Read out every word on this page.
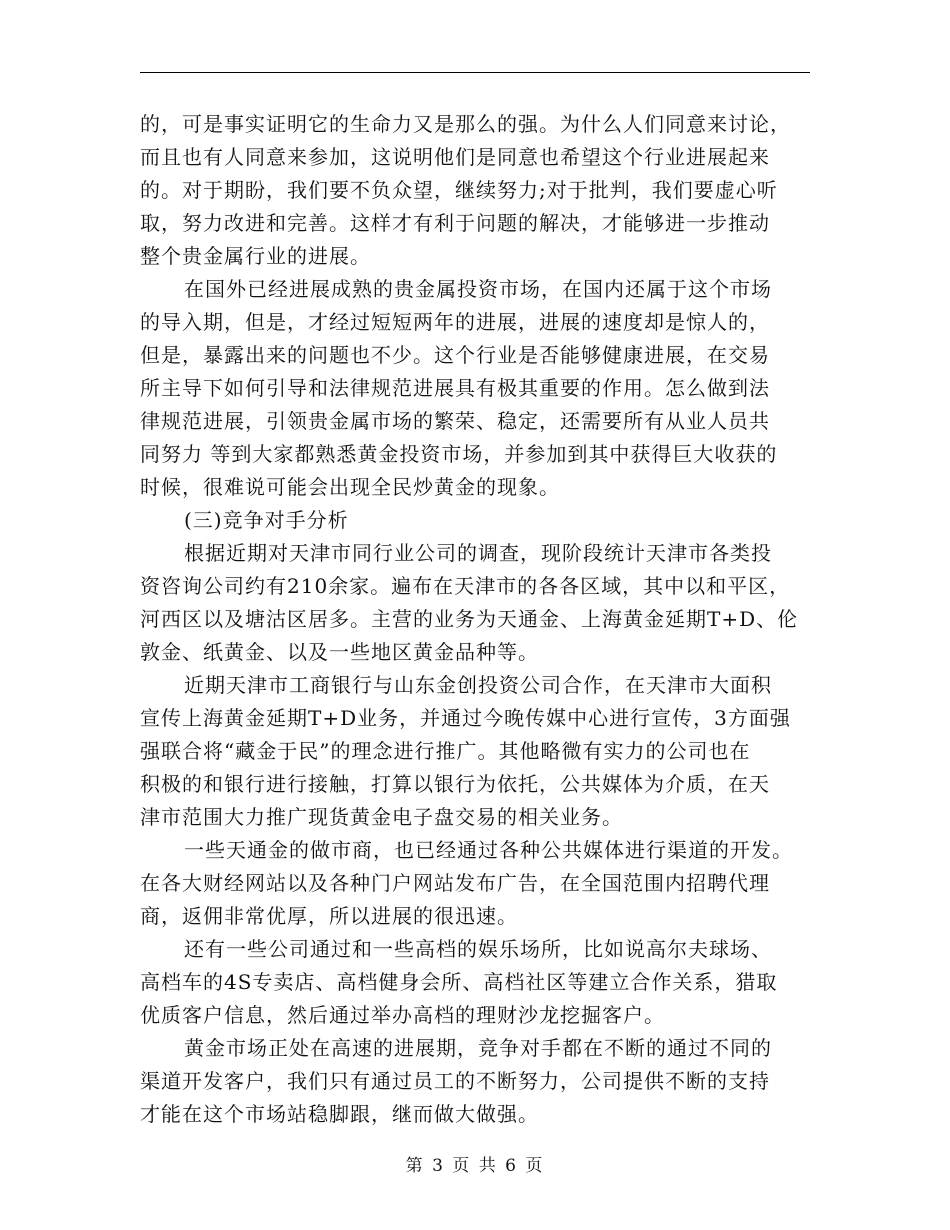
的，可是事实证明它的生命力又是那么的强。为什么人们同意来讨论，
而且也有人同意来参加，这说明他们是同意也希望这个行业进展起来
的。对于期盼，我们要不负众望，继续努力;对于批判，我们要虚心听
取，努力改进和完善。这样才有利于问题的解决，才能够进一步推动
整个贵金属行业的进展。
在国外已经进展成熟的贵金属投资市场，在国内还属于这个市场
的导入期，但是，才经过短短两年的进展，进展的速度却是惊人的，
但是，暴露出来的问题也不少。这个行业是否能够健康进展，在交易
所主导下如何引导和法律规范进展具有极其重要的作用。怎么做到法
律规范进展，引领贵金属市场的繁荣、稳定，还需要所有从业人员共
同努力 等到大家都熟悉黄金投资市场，并参加到其中获得巨大收获的
时候，很难说可能会出现全民炒黄金的现象。
(三)竞争对手分析
根据近期对天津市同行业公司的调查，现阶段统计天津市各类投
资咨询公司约有210余家。遍布在天津市的各各区域，其中以和平区，
河西区以及塘沽区居多。主营的业务为天通金、上海黄金延期T+D、伦
敦金、纸黄金、以及一些地区黄金品种等。
近期天津市工商银行与山东金创投资公司合作，在天津市大面积
宣传上海黄金延期T+D业务，并通过今晚传媒中心进行宣传，3方面强
强联合将“藏金于民”的理念进行推广。其他略微有实力的公司也在
积极的和银行进行接触，打算以银行为依托，公共媒体为介质，在天
津市范围大力推广现货黄金电子盘交易的相关业务。
一些天通金的做市商，也已经通过各种公共媒体进行渠道的开发。
在各大财经网站以及各种门户网站发布广告，在全国范围内招聘代理
商，返佣非常优厚，所以进展的很迅速。
还有一些公司通过和一些高档的娱乐场所，比如说高尔夫球场、
高档车的4S专卖店、高档健身会所、高档社区等建立合作关系，猎取
优质客户信息，然后通过举办高档的理财沙龙挖掘客户。
黄金市场正处在高速的进展期，竞争对手都在不断的通过不同的
渠道开发客户，我们只有通过员工的不断努力，公司提供不断的支持
才能在这个市场站稳脚跟，继而做大做强。
第 3 页 共 6 页
